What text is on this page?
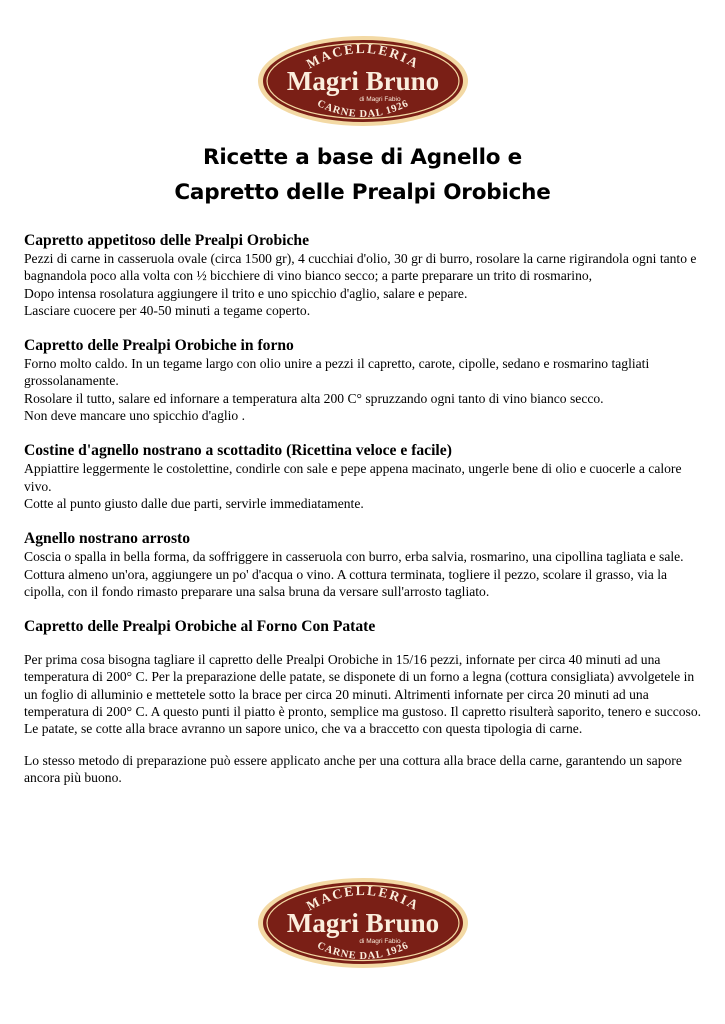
MACELLERIA
Magri Bruno
di Magri Fabio
CARNE DAL 1926
Ricette a base di Agnello e
Capretto delle Prealpi Orobiche
Capretto appetitoso delle Prealpi Orobiche

Pezzi di carne in casseruola ovale (circa 1500 gr), 4 cucchiai d'olio, 30 gr di burro, rosolare la carne rigirandola ogni tanto e bagnandola poco alla volta con ½ bicchiere di vino bianco secco; a parte preparare un trito di rosmarino,

Dopo intensa rosolatura aggiungere il trito e uno spicchio d'aglio, salare e pepare.

Lasciare cuocere per 40-50 minuti a tegame coperto.

Capretto delle Prealpi Orobiche in forno

Forno molto caldo. In un tegame largo con olio unire a pezzi il capretto, carote, cipolle, sedano e rosmarino tagliati grossolanamente.

Rosolare il tutto, salare ed infornare a temperatura alta 200 C° spruzzando ogni tanto di vino bianco secco.

Non deve mancare uno spicchio d'aglio .

Costine d'agnello nostrano a scottadito (Ricettina veloce e facile)

Appiattire leggermente le costolettine, condirle con sale e pepe appena macinato, ungerle bene di olio e cuocerle a calore vivo.

Cotte al punto giusto dalle due parti, servirle immediatamente.

Agnello nostrano arrosto

Coscia o spalla in bella forma, da soffriggere in casseruola con burro, erba salvia, rosmarino, una cipollina tagliata e sale.

Cottura almeno un'ora, aggiungere un po' d'acqua o vino. A cottura terminata, togliere il pezzo, scolare il grasso, via la cipolla, con il fondo rimasto preparare una salsa bruna da versare sull'arrosto tagliato.

Capretto delle Prealpi Orobiche al Forno Con Patate

Per prima cosa bisogna tagliare il capretto delle Prealpi Orobiche in 15/16 pezzi, infornate per circa 40 minuti ad una temperatura di 200° C. Per la preparazione delle patate, se disponete di un forno a legna (cottura consigliata) avvolgetele in un foglio di alluminio e mettetele sotto la brace per circa 20 minuti. Altrimenti infornate per circa 20 minuti ad una temperatura di 200° C. A questo punti il piatto è pronto, semplice ma gustoso. Il capretto risulterà saporito, tenero e succoso. Le patate, se cotte alla brace avranno un sapore unico, che va a braccetto con questa tipologia di carne.

Lo stesso metodo di preparazione può essere applicato anche per una cottura alla brace della carne, garantendo un sapore ancora più buono.

MACELLERIA
Magri Bruno
di Magri Fabio
CARNE DAL 1926
